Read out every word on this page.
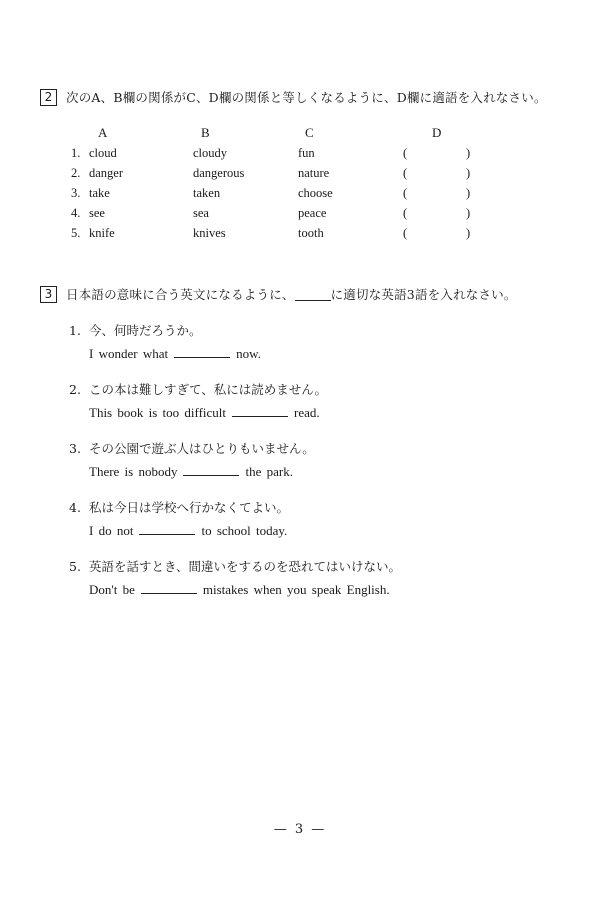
2	次のA、B欄の関係がC、D欄の関係と等しくなるように、D欄に適語を入れなさい。
A	B	C	D
1. cloud	cloudy	fun	(	)
2. danger	dangerous	nature	(	)
3. take	taken	choose	(	)
4. see	sea	peace	(	)
5. knife	knives	tooth	(	)
3	日本語の意味に合う英文になるように、	に適切な英語3語を入れなさい。
1. 今、何時だろうか。
I wonder what	now.
2. この本は難しすぎて、私には読めません。
This book is too difficult	read.
3. その公園で遊ぶ人はひとりもいません。
There is nobody	the park.
4. 私は今日は学校へ行かなくてよい。
I do not	to school today.
5. 英語を話すとき、間違いをするのを恐れてはいけない。
Don't be	mistakes when you speak English.
— 3 —
